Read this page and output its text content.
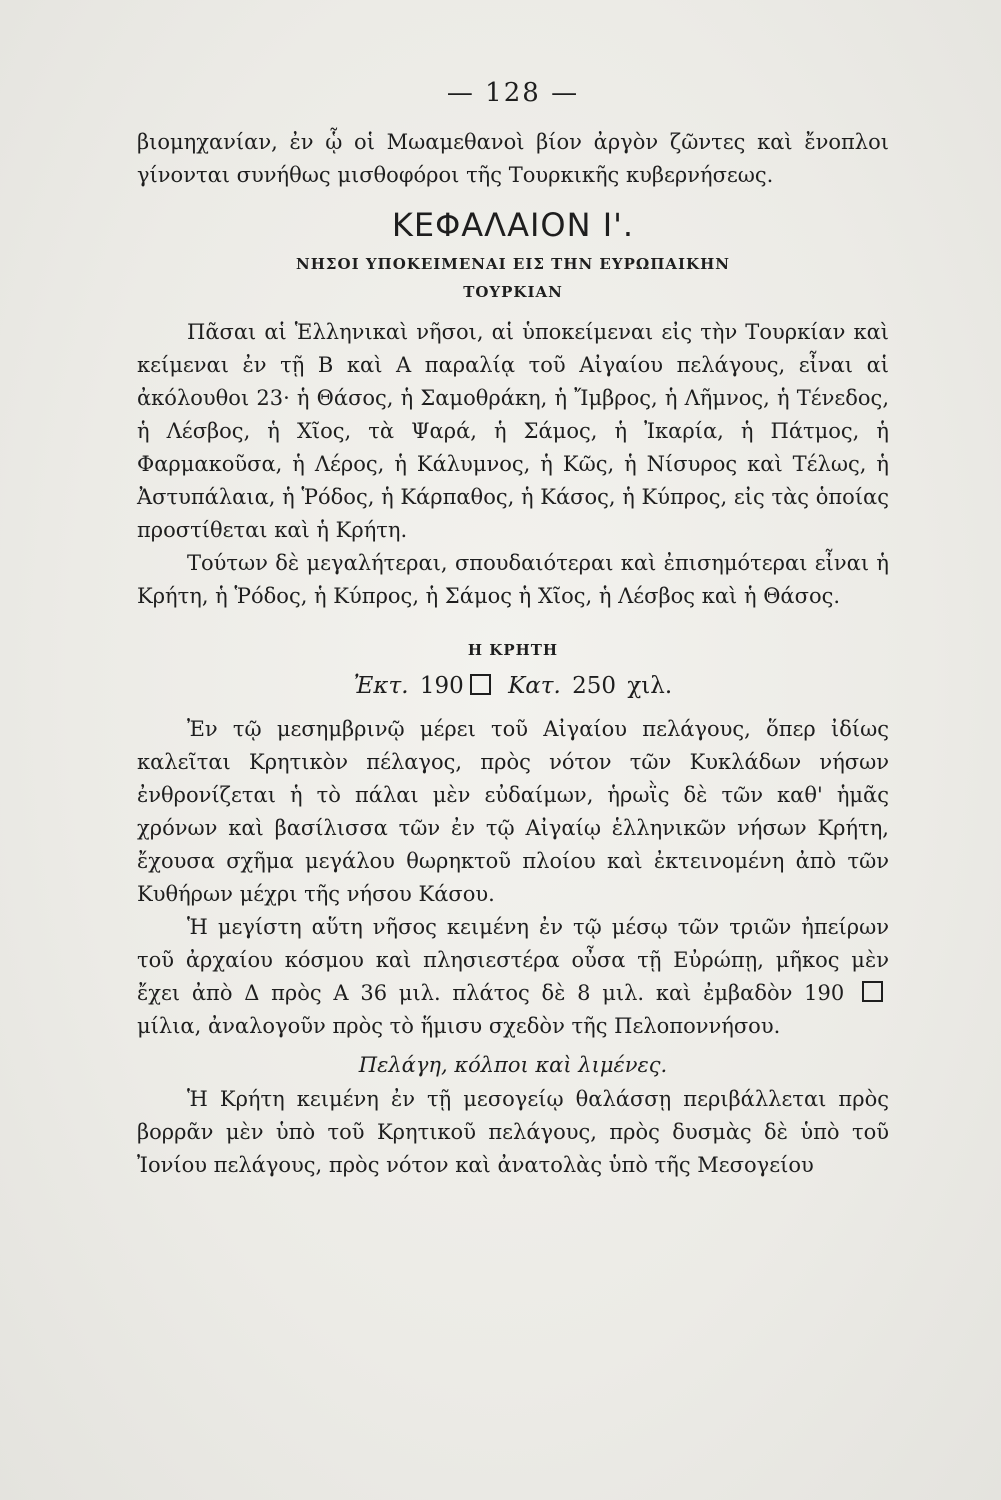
— 128 —

βιομηχανίαν, ἐν ᾧ οἱ Μωαμεθανοὶ βίον ἀργὸν ζῶντες καὶ ἔνοπλοι γίνονται συνήθως μισθοφόροι τῆς Τουρκικῆς κυβερνήσεως.

ΚΕΦΑΛΑΙΟΝ Ι'.
ΝΗΣΟΙ ΥΠΟΚΕΙΜΕΝΑΙ ΕΙΣ ΤΗΝ ΕΥΡΩΠΑΙΚΗΝ
ΤΟΥΡΚΙΑΝ

Πᾶσαι αἱ Ἑλληνικαὶ νῆσοι, αἱ ὑποκείμεναι εἰς τὴν Τουρκίαν καὶ κείμεναι ἐν τῇ Β καὶ Α παραλίᾳ τοῦ Αἰγαίου πελάγους, εἶναι αἱ ἀκόλουθοι 23· ἡ Θάσος, ἡ Σαμοθράκη, ἡ Ἴμβρος, ἡ Λῆμνος, ἡ Τένεδος, ἡ Λέσβος, ἡ Χῖος, τὰ Ψαρά, ἡ Σάμος, ἡ Ἰκαρία, ἡ Πάτμος, ἡ Φαρμακοῦσα, ἡ Λέρος, ἡ Κάλυμνος, ἡ Κῶς, ἡ Νίσυρος καὶ Τέλως, ἡ Ἀστυπάλαια, ἡ Ῥόδος, ἡ Κάρπαθος, ἡ Κάσος, ἡ Κύπρος, εἰς τὰς ὁποίας προστίθεται καὶ ἡ Κρήτη.

Τούτων δὲ μεγαλήτεραι, σπουδαιότεραι καὶ ἐπισημότεραι εἶναι ἡ Κρήτη, ἡ Ῥόδος, ἡ Κύπρος, ἡ Σάμος ἡ Χῖος, ἡ Λέσβος καὶ ἡ Θάσος.

Η ΚΡΗΤΗ
Ἐκτ. 190 Κατ. 250 χιλ.

Ἐν τῷ μεσημβρινῷ μέρει τοῦ Αἰγαίου πελάγους, ὅπερ ἰδίως καλεῖται Κρητικὸν πέλαγος, πρὸς νότον τῶν Κυκλάδων νήσων ἐνθρονίζεται ἡ τὸ πάλαι μὲν εὐδαίμων, ἡρωῒς δὲ τῶν καθ' ἡμᾶς χρόνων καὶ βασίλισσα τῶν ἐν τῷ Αἰγαίῳ ἑλληνικῶν νήσων Κρήτη, ἔχουσα σχῆμα μεγάλου θωρηκτοῦ πλοίου καὶ ἐκτεινομένη ἀπὸ τῶν Κυθήρων μέχρι τῆς νήσου Κάσου.

Ἡ μεγίστη αὕτη νῆσος κειμένη ἐν τῷ μέσῳ τῶν τριῶν ἠπείρων τοῦ ἀρχαίου κόσμου καὶ πλησιεστέρα οὖσα τῇ Εὐρώπῃ, μῆκος μὲν ἔχει ἀπὸ Δ πρὸς Α 36 μιλ. πλάτος δὲ 8 μιλ. καὶ ἐμβαδὸν 190  μίλια, ἀναλογοῦν πρὸς τὸ ἥμισυ σχεδὸν τῆς Πελοποννήσου.

Πελάγη, κόλποι καὶ λιμένες.

Ἡ Κρήτη κειμένη ἐν τῇ μεσογείῳ θαλάσσῃ περιβάλλεται πρὸς βορρᾶν μὲν ὑπὸ τοῦ Κρητικοῦ πελάγους, πρὸς δυσμὰς δὲ ὑπὸ τοῦ Ἰονίου πελάγους, πρὸς νότον καὶ ἀνατολὰς ὑπὸ τῆς Μεσογείου
